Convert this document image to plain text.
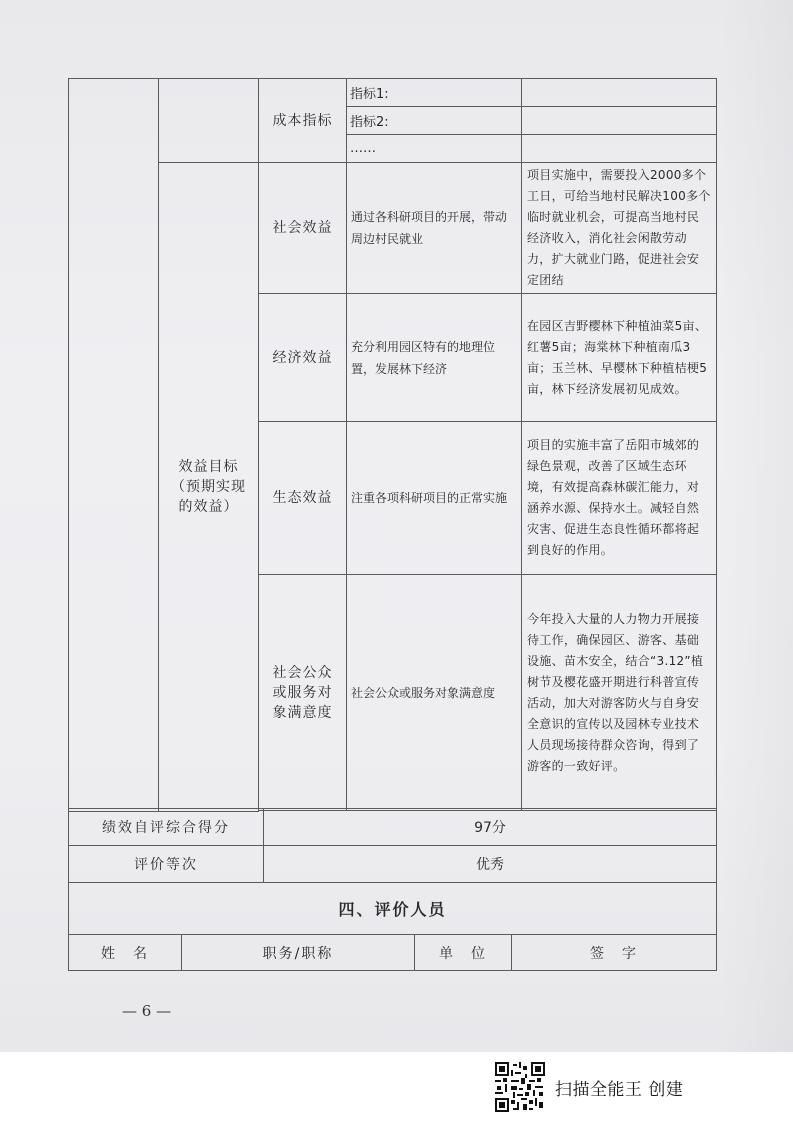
		成本指标	指标1:	
			指标2:	
			……	
	效益目标（预期实现的效益）	社会效益	通过各科研项目的开展，带动周边村民就业	项目实施中，需要投入2000多个工日，可给当地村民解决100多个临时就业机会，可提高当地村民经济收入，消化社会闲散劳动力，扩大就业门路，促进社会安定团结
		经济效益	充分利用园区特有的地理位置，发展林下经济	在园区吉野樱林下种植油菜5亩、红薯5亩；海棠林下种植南瓜3亩；玉兰林、早樱林下种植桔梗5亩，林下经济发展初见成效。
		生态效益	注重各项科研项目的正常实施	项目的实施丰富了岳阳市城郊的绿色景观，改善了区域生态环境，有效提高森林碳汇能力，对涵养水源、保持水土。减轻自然灾害、促进生态良性循环都将起到良好的作用。
		社会公众或服务对象满意度	社会公众或服务对象满意度	今年投入大量的人力物力开展接待工作，确保园区、游客、基础设施、苗木安全，结合“3.12”植树节及樱花盛开期进行科普宣传活动，加大对游客防火与自身安全意识的宣传以及园林专业技术人员现场接待群众咨询，得到了游客的一致好评。

绩效自评综合得分	97分
评价等次	优秀
四、评价人员
姓　名	职务/职称	单　位	签　字
— 6 —
扫描全能王 创建
